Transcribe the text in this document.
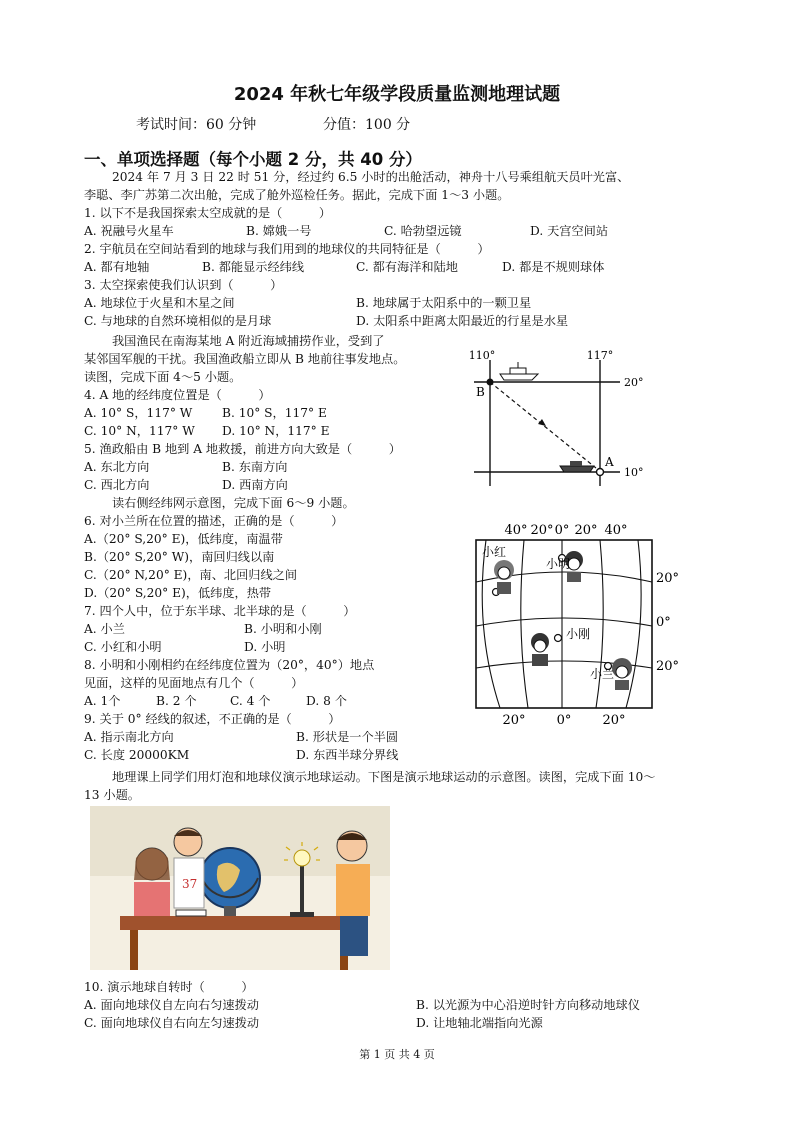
2024 年秋七年级学段质量监测地理试题
考试时间：60 分钟	分值：100 分
一、单项选择题（每个小题 2 分，共 40 分）
2024 年 7 月 3 日 22 时 51 分，经过约 6.5 小时的出舱活动，神舟十八号乘组航天员叶光富、
李聪、李广苏第二次出舱，完成了舱外巡检任务。据此，完成下面 1～3 小题。
1. 以下不是我国探索太空成就的是（　　　）
A. 祝融号火星车	B. 嫦娥一号	C. 哈勃望远镜	D. 天宫空间站
2. 宇航员在空间站看到的地球与我们用到的地球仪的共同特征是（　　　）
A. 都有地轴	B. 都能显示经纬线	C. 都有海洋和陆地	D. 都是不规则球体
3. 太空探索使我们认识到（　　　）
A. 地球位于火星和木星之间	B. 地球属于太阳系中的一颗卫星
C. 与地球的自然环境相似的是月球	D. 太阳系中距离太阳最近的行星是水星
我国渔民在南海某地 A 附近海域捕捞作业，受到了
某邻国军舰的干扰。我国渔政船立即从 B 地前往事发地点。
读图，完成下面 4～5 小题。
4. A 地的经纬度位置是（　　　）
A. 10° S，117° W B. 10° S，117° E
C. 10° N，117° W D. 10° N，117° E
5. 渔政船由 B 地到 A 地救援，前进方向大致是（　　　）
A. 东北方向	B. 东南方向
C. 西北方向	D. 西南方向
读右侧经纬网示意图，完成下面 6～9 小题。
6. 对小兰所在位置的描述，正确的是（　　　）
A.（20° S,20° E)，低纬度，南温带
B.（20° S,20° W)，南回归线以南
C.（20° N,20° E)，南、北回归线之间
D.（20° S,20° E)，低纬度，热带
7. 四个人中，位于东半球、北半球的是（　　　）
A. 小兰	B. 小明和小刚
C. 小红和小明	D. 小明
8. 小明和小刚相约在经纬度位置为（20°，40°）地点
见面，这样的见面地点有几个（　　　）
A. 1个	B. 2 个	C. 4 个	D. 8 个
9. 关于 0° 经线的叙述，不正确的是（　　　）
A. 指示南北方向	B. 形状是一个半圆
C. 长度 20000KM	D. 东西半球分界线
地理课上同学们用灯泡和地球仪演示地球运动。下图是演示地球运动的示意图。读图，完成下面 10～
13 小题。
10. 演示地球自转时（　　　）
A. 面向地球仪自左向右匀速拨动	B. 以光源为中心沿逆时针方向移动地球仪
C. 面向地球仪自右向左匀速拨动	D. 让地轴北端指向光源
110°	117°
20°
10°
B
A
小红
小明
小刚
小兰
40° 20° 0° 20° 40°
20° 0° 20°
20°
0°
20°
37
第 1 页 共 4 页
